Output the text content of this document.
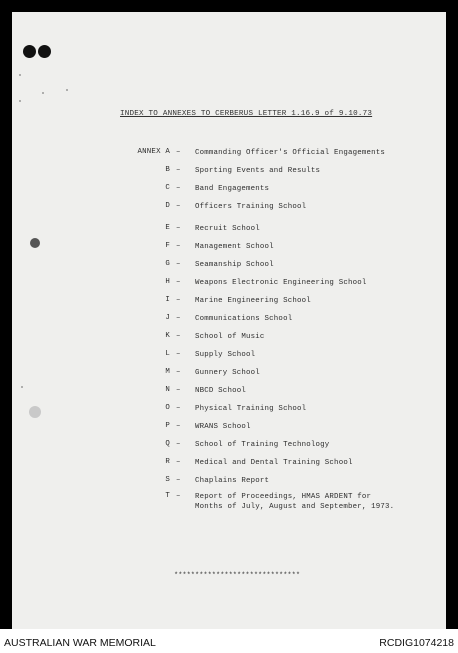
INDEX TO ANNEXES TO CERBERUS LETTER 1.16.9 of 9.10.73
ANNEX A – Commanding Officer's Official Engagements
B – Sporting Events and Results
C – Band Engagements
D – Officers Training School
E – Recruit School
F – Management School
G – Seamanship School
H – Weapons Electronic Engineering School
I – Marine Engineering School
J – Communications School
K – School of Music
L – Supply School
M – Gunnery School
N – NBCD School
O – Physical Training School
P – WRANS School
Q – School of Training Technology
R – Medical and Dental Training School
S – Chaplains Report
T – Report of Proceedings, HMAS ARDENT for
Months of July, August and September, 1973.
******************************
AUSTRALIAN WAR MEMORIAL	RCDIG1074218
